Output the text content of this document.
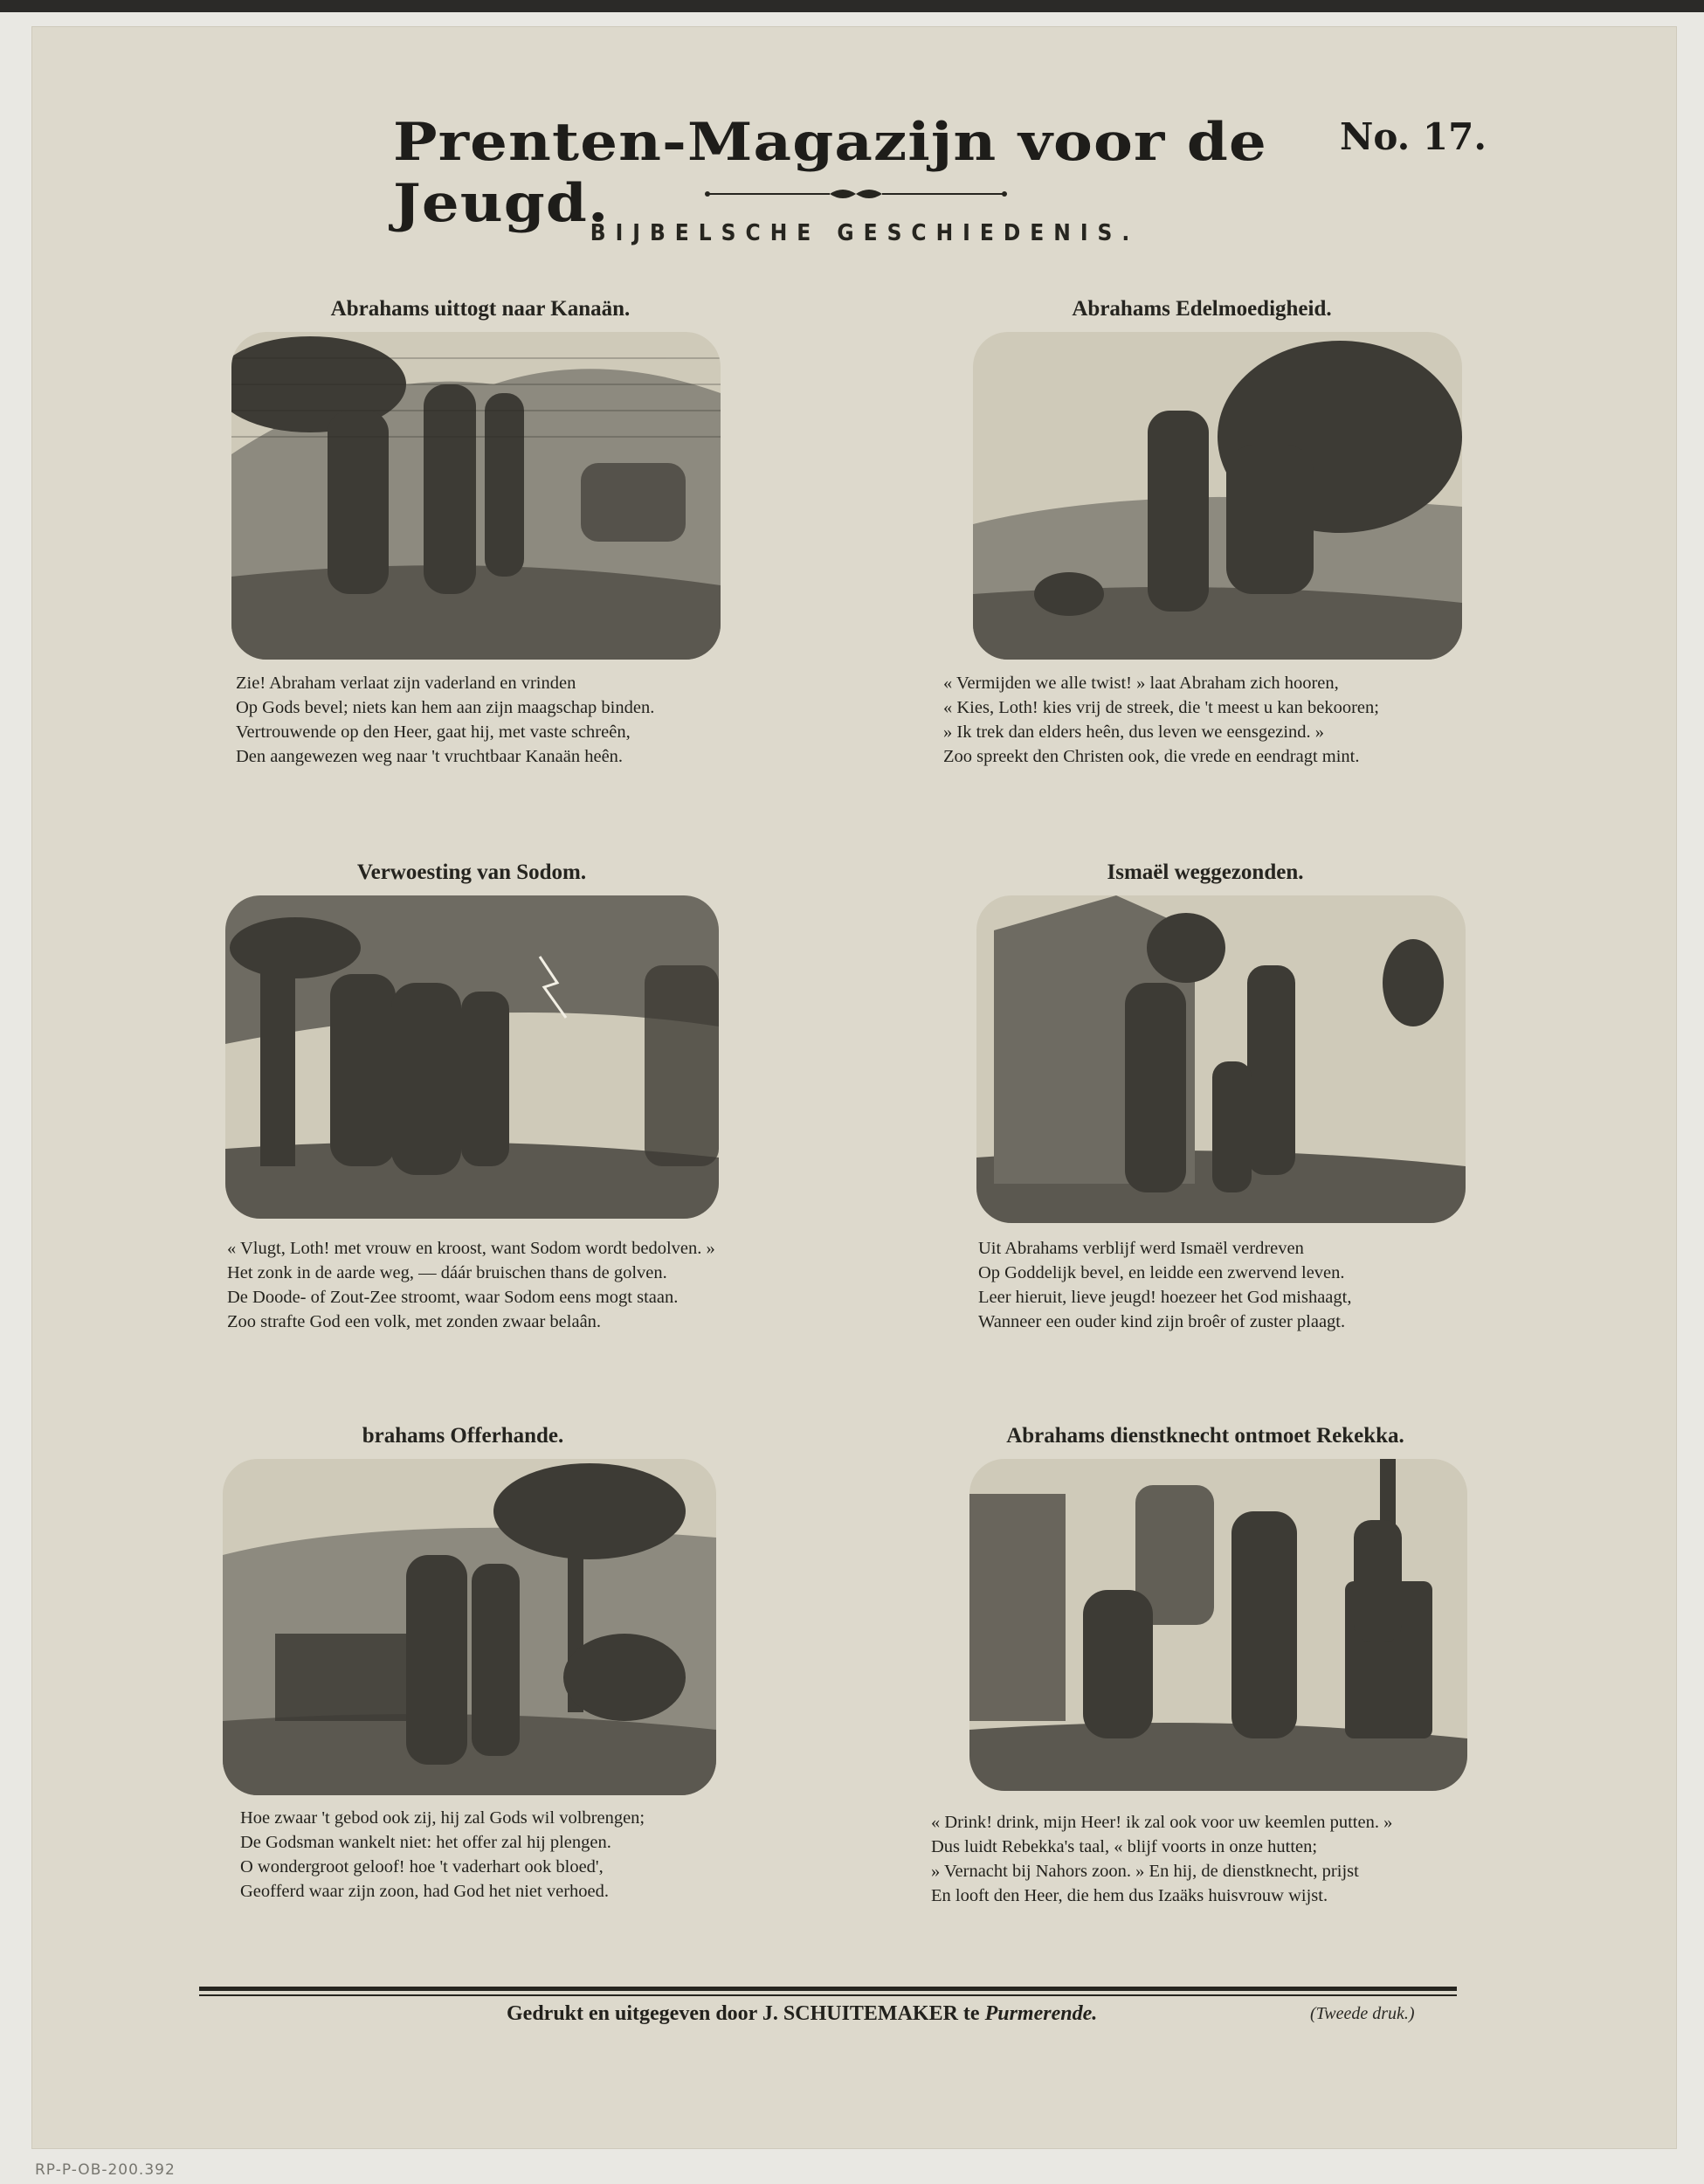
Prenten-Magazijn voor de Jeugd.
No. 17.
BIJBELSCHE GESCHIEDENIS.
Abrahams uittogt naar Kanaän.
Zie! Abraham verlaat zijn vaderland en vrinden
Op Gods bevel; niets kan hem aan zijn maagschap binden.
Vertrouwende op den Heer, gaat hij, met vaste schreên,
Den aangewezen weg naar 't vruchtbaar Kanaän heên.
Abrahams Edelmoedigheid.
« Vermijden we alle twist! » laat Abraham zich hooren,
« Kies, Loth! kies vrij de streek, die 't meest u kan bekooren;
» Ik trek dan elders heên, dus leven we eensgezind. »
Zoo spreekt den Christen ook, die vrede en eendragt mint.
Verwoesting van Sodom.
« Vlugt, Loth! met vrouw en kroost, want Sodom wordt bedolven. »
Het zonk in de aarde weg, — dáár bruischen thans de golven.
De Doode- of Zout-Zee stroomt, waar Sodom eens mogt staan.
Zoo strafte God een volk, met zonden zwaar belaân.
Ismaël weggezonden.
Uit Abrahams verblijf werd Ismaël verdreven
Op Goddelijk bevel, en leidde een zwervend leven.
Leer hieruit, lieve jeugd! hoezeer het God mishaagt,
Wanneer een ouder kind zijn broêr of zuster plaagt.
brahams Offerhande.
Hoe zwaar 't gebod ook zij, hij zal Gods wil volbrengen;
De Godsman wankelt niet: het offer zal hij plengen.
O wondergroot geloof! hoe 't vaderhart ook bloed',
Geofferd waar zijn zoon, had God het niet verhoed.
Abrahams dienstknecht ontmoet Rekekka.
« Drink! drink, mijn Heer! ik zal ook voor uw keemlen putten. »
Dus luidt Rebekka's taal, « blijf voorts in onze hutten;
» Vernacht bij Nahors zoon. » En hij, de dienstknecht, prijst
En looft den Heer, die hem dus Izaäks huisvrouw wijst.
Gedrukt en uitgegeven door J. SCHUITEMAKER te Purmerende.	(Tweede druk.)
RP-P-OB-200.392
